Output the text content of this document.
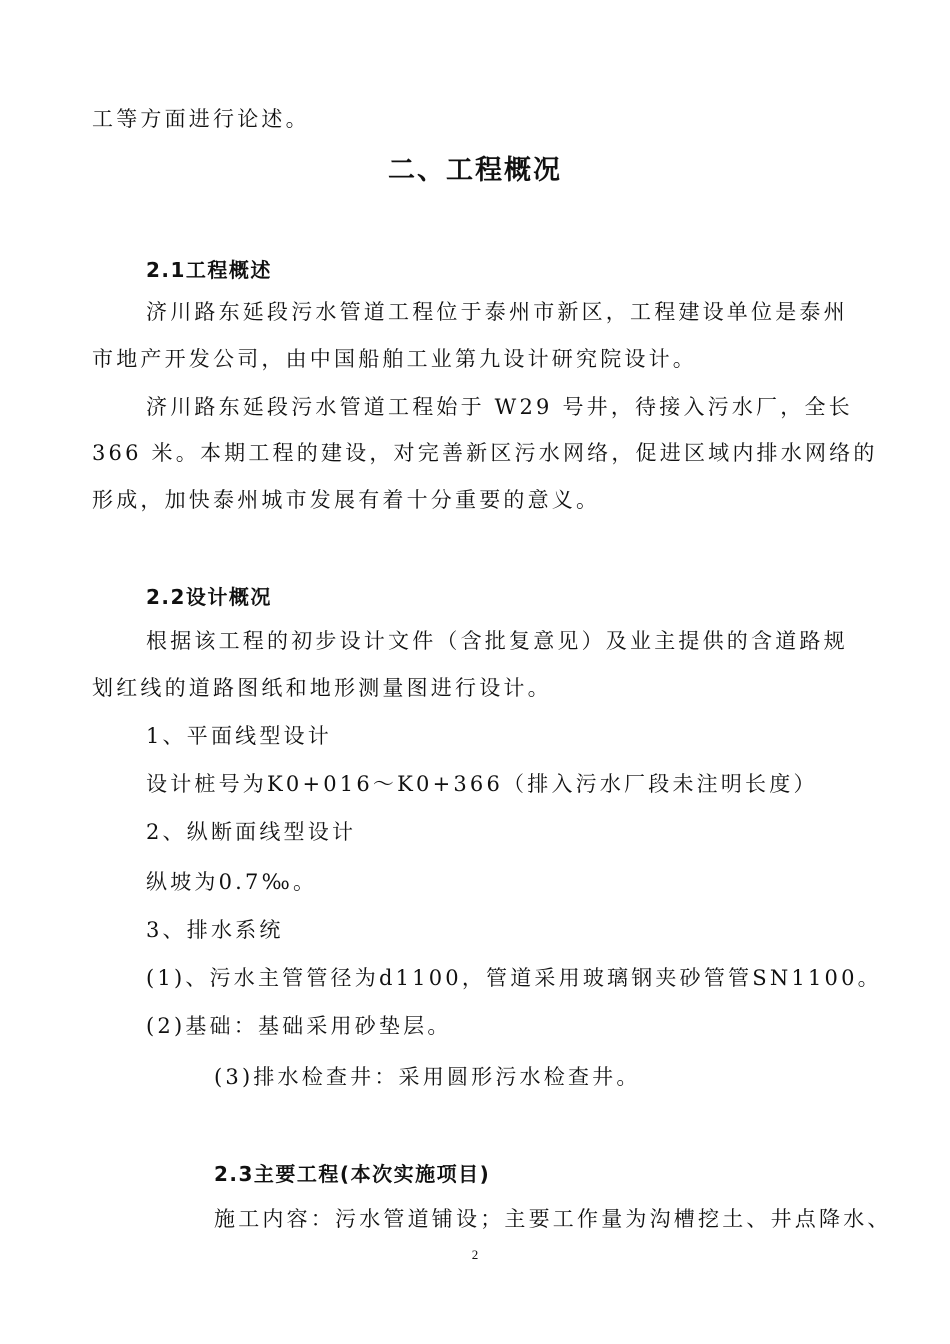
工等方面进行论述。
二、工程概况
2.1工程概述
济川路东延段污水管道工程位于泰州市新区，工程建设单位是泰州
市地产开发公司，由中国船舶工业第九设计研究院设计。
济川路东延段污水管道工程始于 W29 号井，待接入污水厂，全长
366 米。本期工程的建设，对完善新区污水网络，促进区域内排水网络的
形成，加快泰州城市发展有着十分重要的意义。
2.2设计概况
根据该工程的初步设计文件（含批复意见）及业主提供的含道路规
划红线的道路图纸和地形测量图进行设计。
1、平面线型设计
设计桩号为K0+016～K0+366（排入污水厂段未注明长度）
2、纵断面线型设计
纵坡为0.7‰。
3、排水系统
(1)、污水主管管径为d1100，管道采用玻璃钢夹砂管管SN1100。
(2)基础：基础采用砂垫层。
(3)排水检查井：采用圆形污水检查井。
2.3主要工程(本次实施项目)
施工内容：污水管道铺设；主要工作量为沟槽挖土、井点降水、
2
